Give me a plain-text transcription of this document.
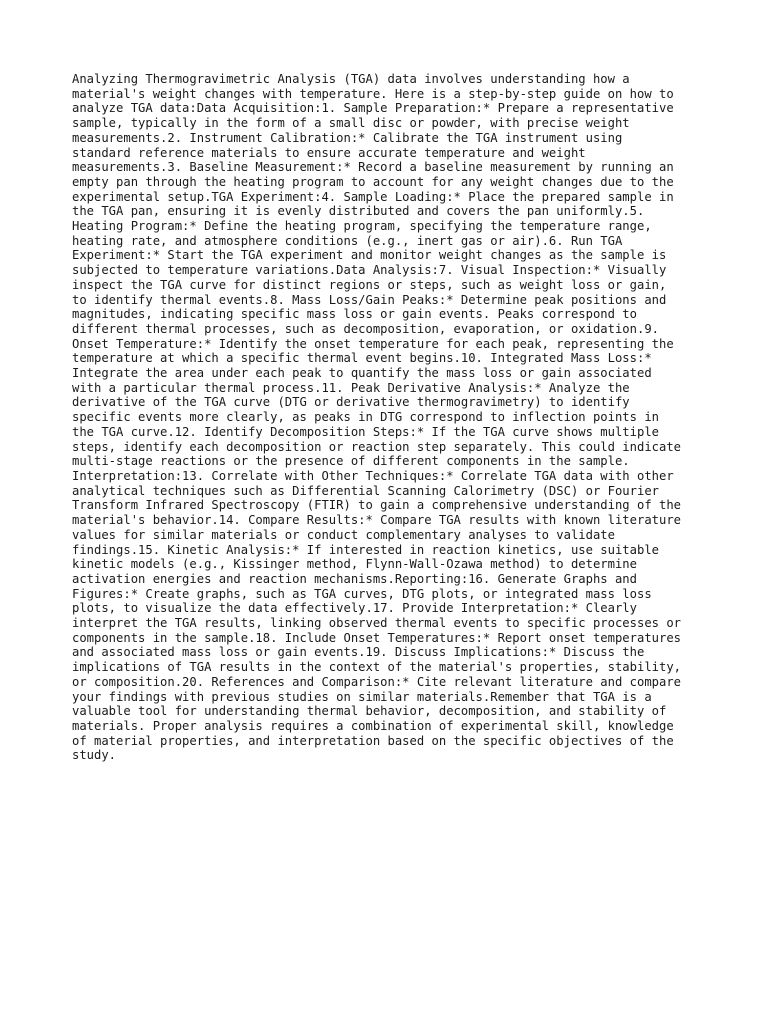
Analyzing Thermogravimetric Analysis (TGA) data involves understanding how a
material's weight changes with temperature. Here is a step-by-step guide on how to
analyze TGA data:Data Acquisition:1. Sample Preparation:* Prepare a representative
sample, typically in the form of a small disc or powder, with precise weight
measurements.2. Instrument Calibration:* Calibrate the TGA instrument using
standard reference materials to ensure accurate temperature and weight
measurements.3. Baseline Measurement:* Record a baseline measurement by running an
empty pan through the heating program to account for any weight changes due to the
experimental setup.TGA Experiment:4. Sample Loading:* Place the prepared sample in
the TGA pan, ensuring it is evenly distributed and covers the pan uniformly.5.
Heating Program:* Define the heating program, specifying the temperature range,
heating rate, and atmosphere conditions (e.g., inert gas or air).6. Run TGA
Experiment:* Start the TGA experiment and monitor weight changes as the sample is
subjected to temperature variations.Data Analysis:7. Visual Inspection:* Visually
inspect the TGA curve for distinct regions or steps, such as weight loss or gain,
to identify thermal events.8. Mass Loss/Gain Peaks:* Determine peak positions and
magnitudes, indicating specific mass loss or gain events. Peaks correspond to
different thermal processes, such as decomposition, evaporation, or oxidation.9.
Onset Temperature:* Identify the onset temperature for each peak, representing the
temperature at which a specific thermal event begins.10. Integrated Mass Loss:*
Integrate the area under each peak to quantify the mass loss or gain associated
with a particular thermal process.11. Peak Derivative Analysis:* Analyze the
derivative of the TGA curve (DTG or derivative thermogravimetry) to identify
specific events more clearly, as peaks in DTG correspond to inflection points in
the TGA curve.12. Identify Decomposition Steps:* If the TGA curve shows multiple
steps, identify each decomposition or reaction step separately. This could indicate
multi-stage reactions or the presence of different components in the sample.
Interpretation:13. Correlate with Other Techniques:* Correlate TGA data with other
analytical techniques such as Differential Scanning Calorimetry (DSC) or Fourier
Transform Infrared Spectroscopy (FTIR) to gain a comprehensive understanding of the
material's behavior.14. Compare Results:* Compare TGA results with known literature
values for similar materials or conduct complementary analyses to validate
findings.15. Kinetic Analysis:* If interested in reaction kinetics, use suitable
kinetic models (e.g., Kissinger method, Flynn-Wall-Ozawa method) to determine
activation energies and reaction mechanisms.Reporting:16. Generate Graphs and
Figures:* Create graphs, such as TGA curves, DTG plots, or integrated mass loss
plots, to visualize the data effectively.17. Provide Interpretation:* Clearly
interpret the TGA results, linking observed thermal events to specific processes or
components in the sample.18. Include Onset Temperatures:* Report onset temperatures
and associated mass loss or gain events.19. Discuss Implications:* Discuss the
implications of TGA results in the context of the material's properties, stability,
or composition.20. References and Comparison:* Cite relevant literature and compare
your findings with previous studies on similar materials.Remember that TGA is a
valuable tool for understanding thermal behavior, decomposition, and stability of
materials. Proper analysis requires a combination of experimental skill, knowledge
of material properties, and interpretation based on the specific objectives of the
study.
